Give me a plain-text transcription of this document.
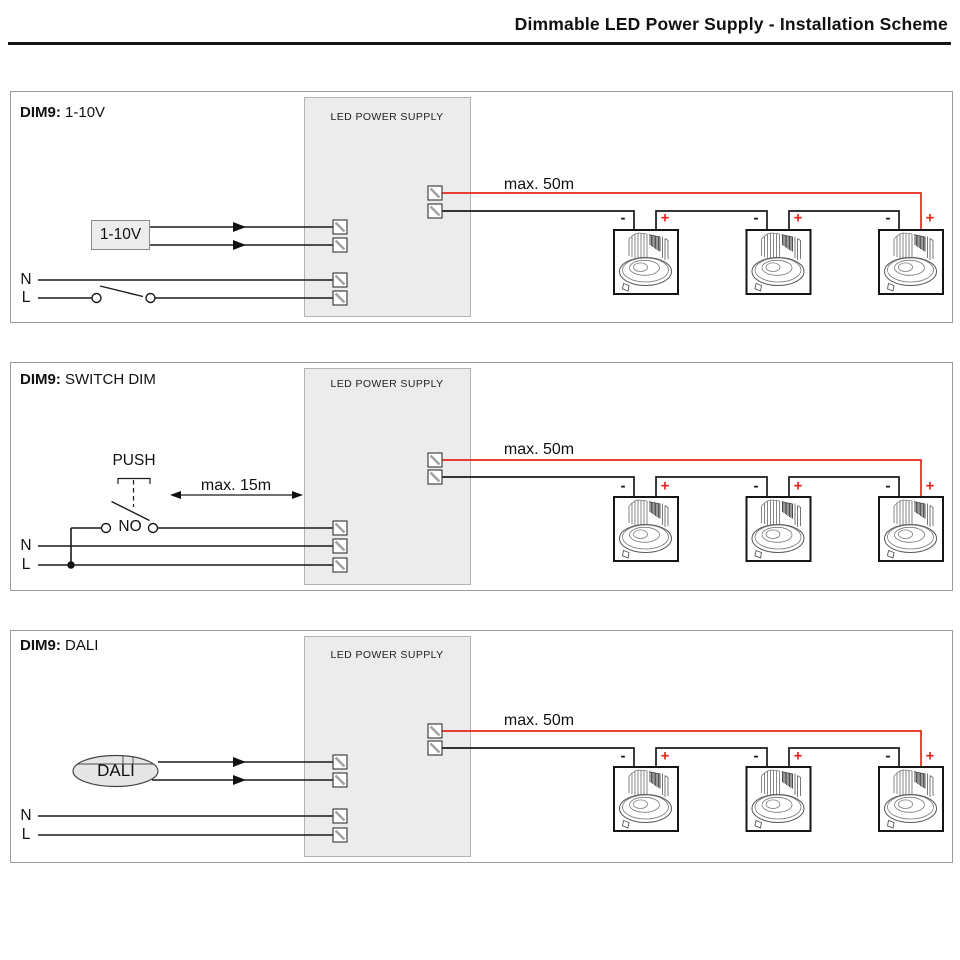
Dimmable LED Power Supply - Installation Scheme
DIM9: 1-10V
DIM9: SWITCH DIM
DIM9: DALI
LED POWER SUPPLY
LED POWER SUPPLY
LED POWER SUPPLY
max. 50m
max. 50m
max. 50m
1-10V
PUSH
NO
max. 15m
DALI
N
L
N
L
N
L
- +	- +	- +
- +	- +	- +
- +	- +	- +
